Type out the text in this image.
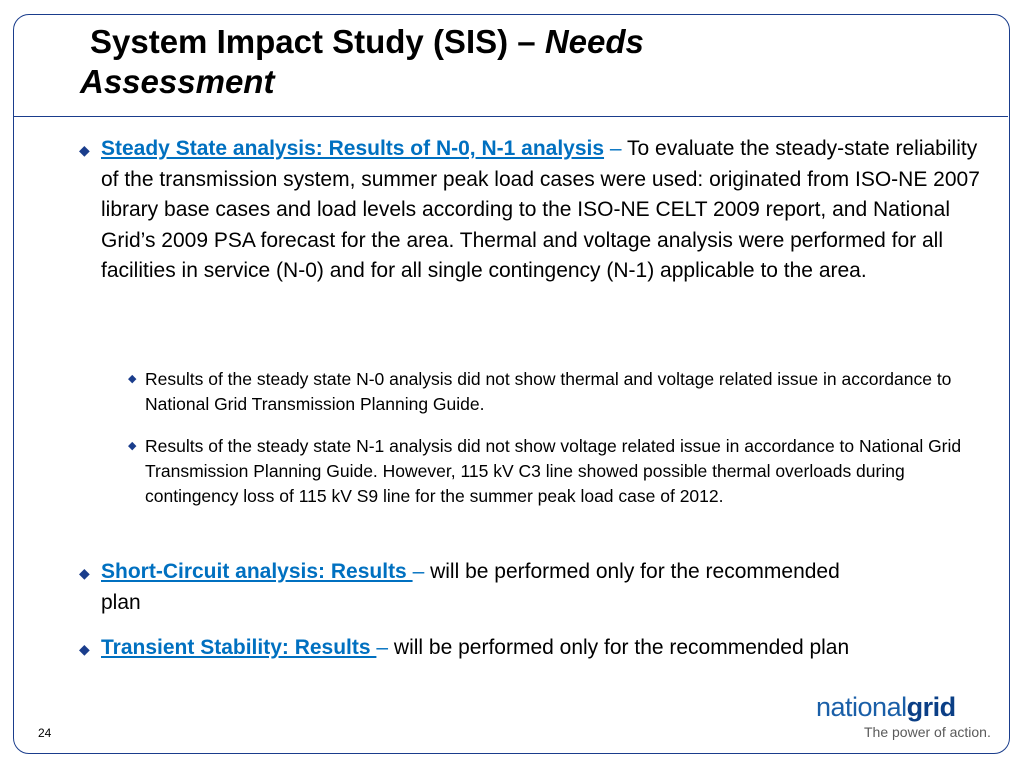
System Impact Study (SIS) – Needs
Assessment
◆ Steady State analysis: Results of N-0, N-1 analysis – To evaluate the steady-state reliability of the transmission system, summer peak load cases were used: originated from ISO-NE 2007 library base cases and load levels according to the ISO-NE CELT 2009 report, and National Grid’s 2009 PSA forecast for the area. Thermal and voltage analysis were performed for all facilities in service (N-0) and for all single contingency (N-1) applicable to the area.
◆ Results of the steady state N-0 analysis did not show thermal and voltage related issue in accordance to National Grid Transmission Planning Guide.
◆ Results of the steady state N-1 analysis did not show voltage related issue in accordance to National Grid Transmission Planning Guide. However, 115 kV C3 line showed possible thermal overloads during contingency loss of 115 kV S9 line for the summer peak load case of 2012.
◆ Short-Circuit analysis: Results – will be performed only for the recommended plan
◆ Transient Stability: Results – will be performed only for the recommended plan
24
nationalgrid
The power of action.
